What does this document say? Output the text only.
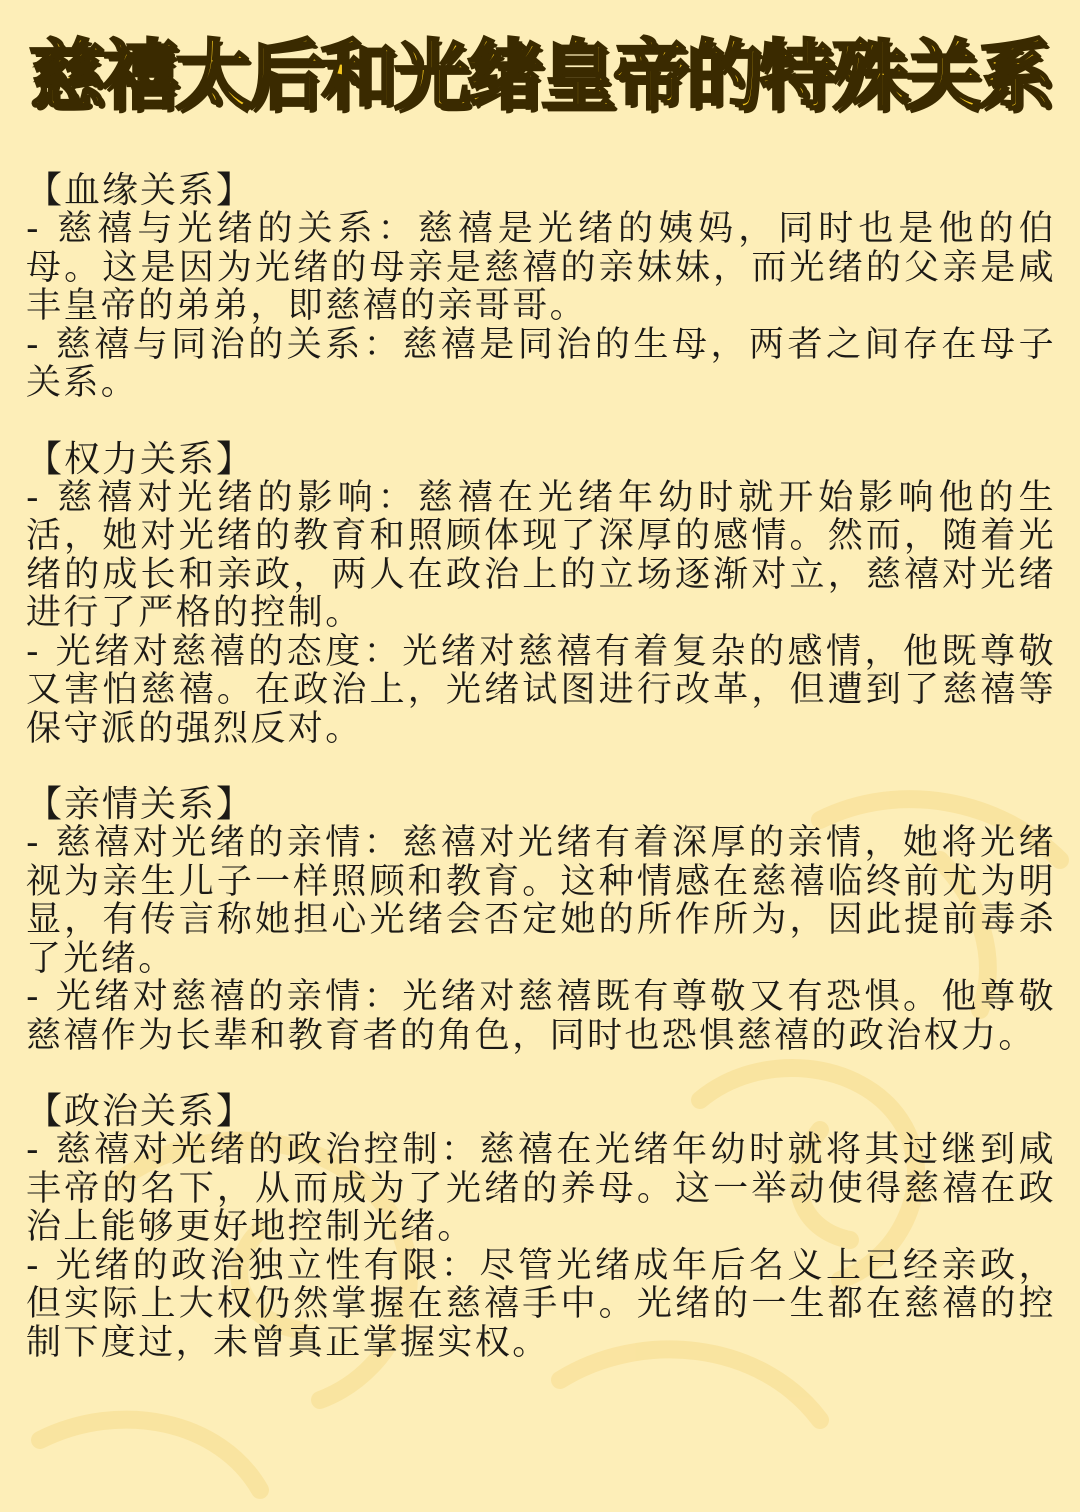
慈禧太后和光绪皇帝的特殊关系

【血缘关系】

- 慈禧与光绪的关系：慈禧是光绪的姨妈，同时也是他的伯母。这是因为光绪的母亲是慈禧的亲妹妹，而光绪的父亲是咸丰皇帝的弟弟，即慈禧的亲哥哥。

- 慈禧与同治的关系：慈禧是同治的生母，两者之间存在母子关系。

【权力关系】

- 慈禧对光绪的影响：慈禧在光绪年幼时就开始影响他的生活，她对光绪的教育和照顾体现了深厚的感情。然而，随着光绪的成长和亲政，两人在政治上的立场逐渐对立，慈禧对光绪进行了严格的控制。

- 光绪对慈禧的态度：光绪对慈禧有着复杂的感情，他既尊敬又害怕慈禧。在政治上，光绪试图进行改革，但遭到了慈禧等保守派的强烈反对。

【亲情关系】

- 慈禧对光绪的亲情：慈禧对光绪有着深厚的亲情，她将光绪视为亲生儿子一样照顾和教育。这种情感在慈禧临终前尤为明显，有传言称她担心光绪会否定她的所作所为，因此提前毒杀了光绪。

- 光绪对慈禧的亲情：光绪对慈禧既有尊敬又有恐惧。他尊敬慈禧作为长辈和教育者的角色，同时也恐惧慈禧的政治权力。

【政治关系】

- 慈禧对光绪的政治控制：慈禧在光绪年幼时就将其过继到咸丰帝的名下，从而成为了光绪的养母。这一举动使得慈禧在政治上能够更好地控制光绪。

- 光绪的政治独立性有限：尽管光绪成年后名义上已经亲政，但实际上大权仍然掌握在慈禧手中。光绪的一生都在慈禧的控制下度过，未曾真正掌握实权。
